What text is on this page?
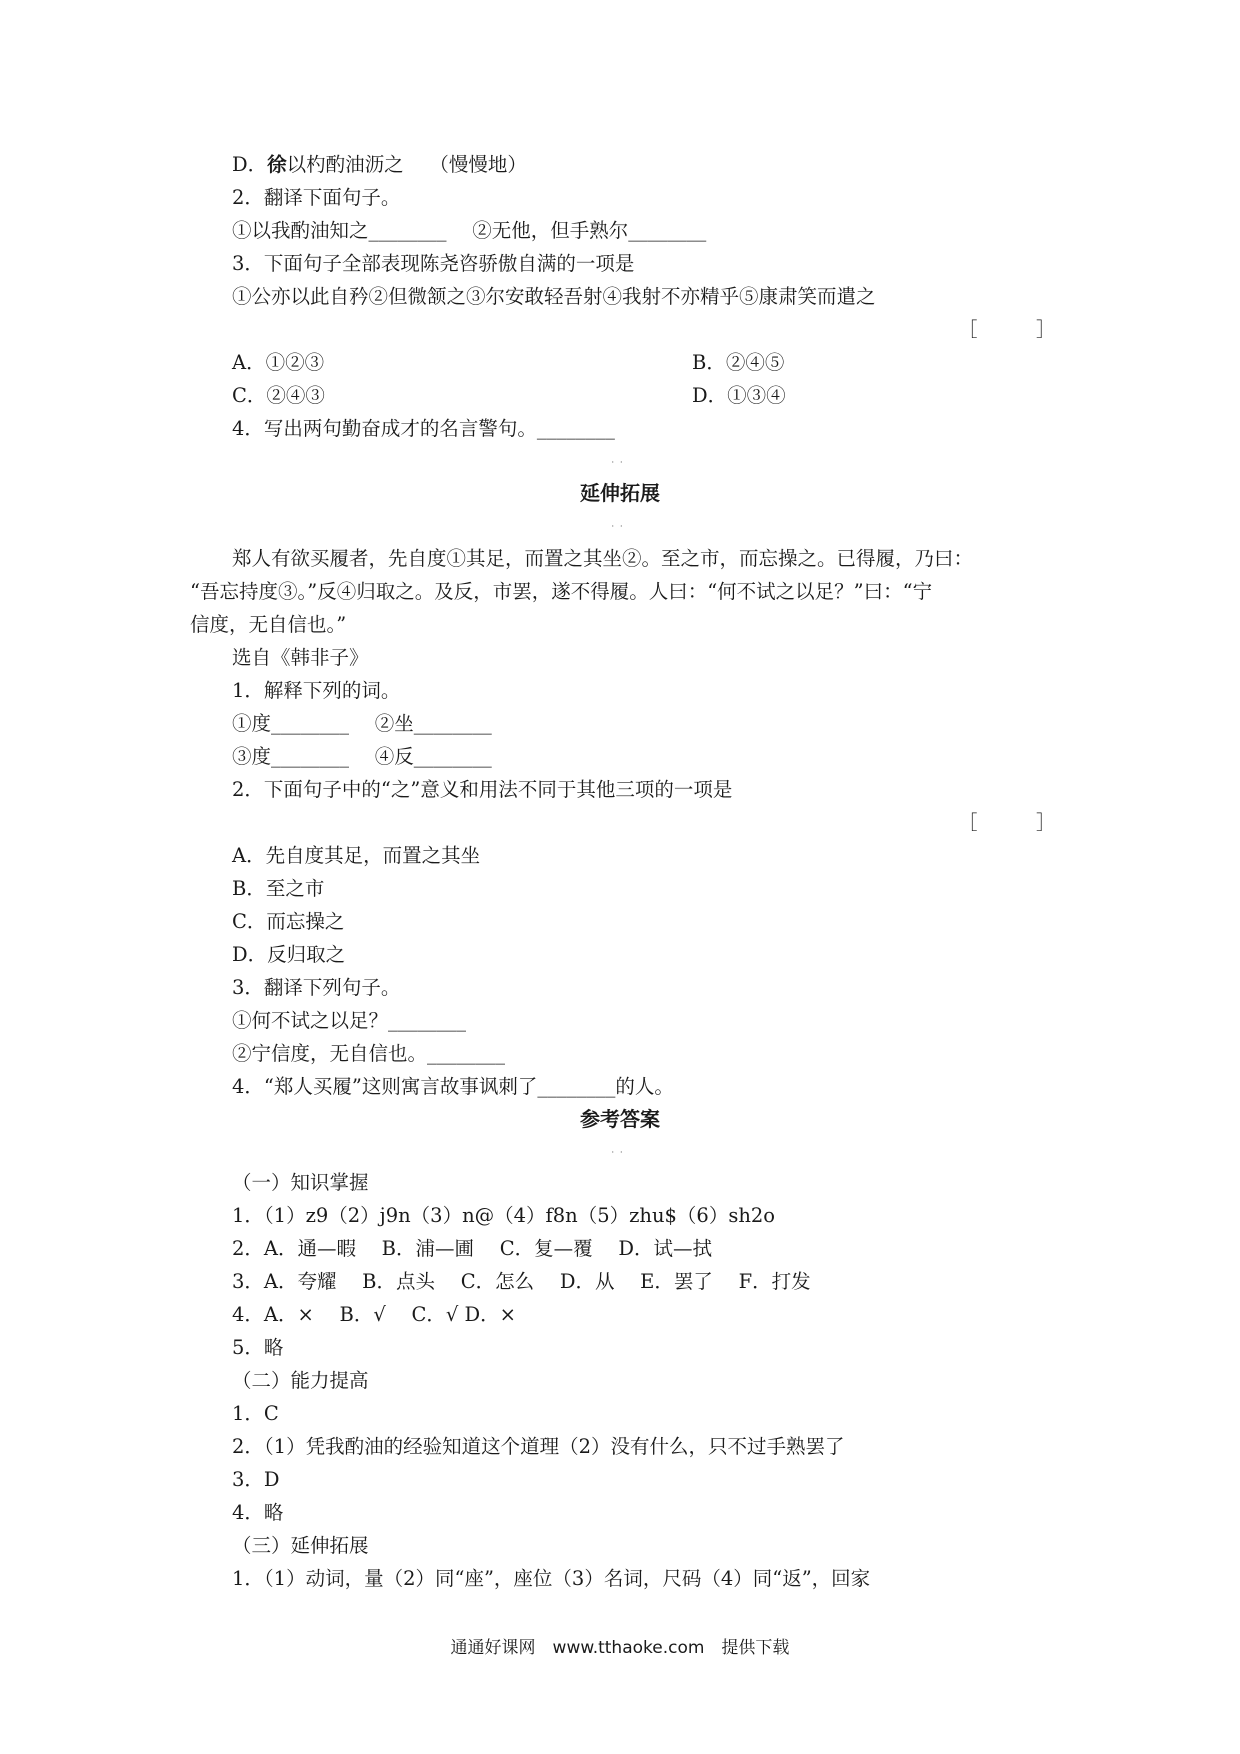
D．徐以杓酌油沥之　 （慢慢地）
2．翻译下面句子。
①以我酌油知之________　 ②无他，但手熟尔________
3．下面句子全部表现陈尧咨骄傲自满的一项是
①公亦以此自矜②但微颔之③尔安敢轻吾射④我射不亦精乎⑤康肃笑而遣之
［　　　］
A．①②③	B．②④⑤
C．②④③	D．①③④
4．写出两句勤奋成才的名言警句。________
··
延伸拓展
··
郑人有欲买履者，先自度①其足，而置之其坐②。至之市，而忘操之。已得履，乃曰：
“吾忘持度③。”反④归取之。及反，市罢，遂不得履。人曰：“何不试之以足？”曰：“宁
信度，无自信也。”
选自《韩非子》
1．解释下列的词。
①度________　 ②坐________
③度________　 ④反________
2．下面句子中的“之”意义和用法不同于其他三项的一项是
［　　　］
A．先自度其足，而置之其坐
B．至之市
C．而忘操之
D．反归取之
3．翻译下列句子。
①何不试之以足？________
②宁信度，无自信也。________
4．“郑人买履”这则寓言故事讽刺了________的人。
参考答案
··
（一）知识掌握
1．（1）z9（2）j9n（3）n@（4）f8n（5）zhu$（6）sh2o
2．A．通—暇　 B．浦—圃　 C．复—覆　 D．试—拭
3．A．夸耀　 B．点头　 C．怎么　 D．从　 E．罢了　 F．打发
4．A．×　 B．√　 C．√ D．×
5．略
（二）能力提高
1．C
2．（1）凭我酌油的经验知道这个道理（2）没有什么，只不过手熟罢了
3．D
4．略
（三）延伸拓展
1．（1）动词，量（2）同“座”，座位（3）名词，尺码（4）同“返”，回家
通通好课网　www.tthaoke.com　提供下载
